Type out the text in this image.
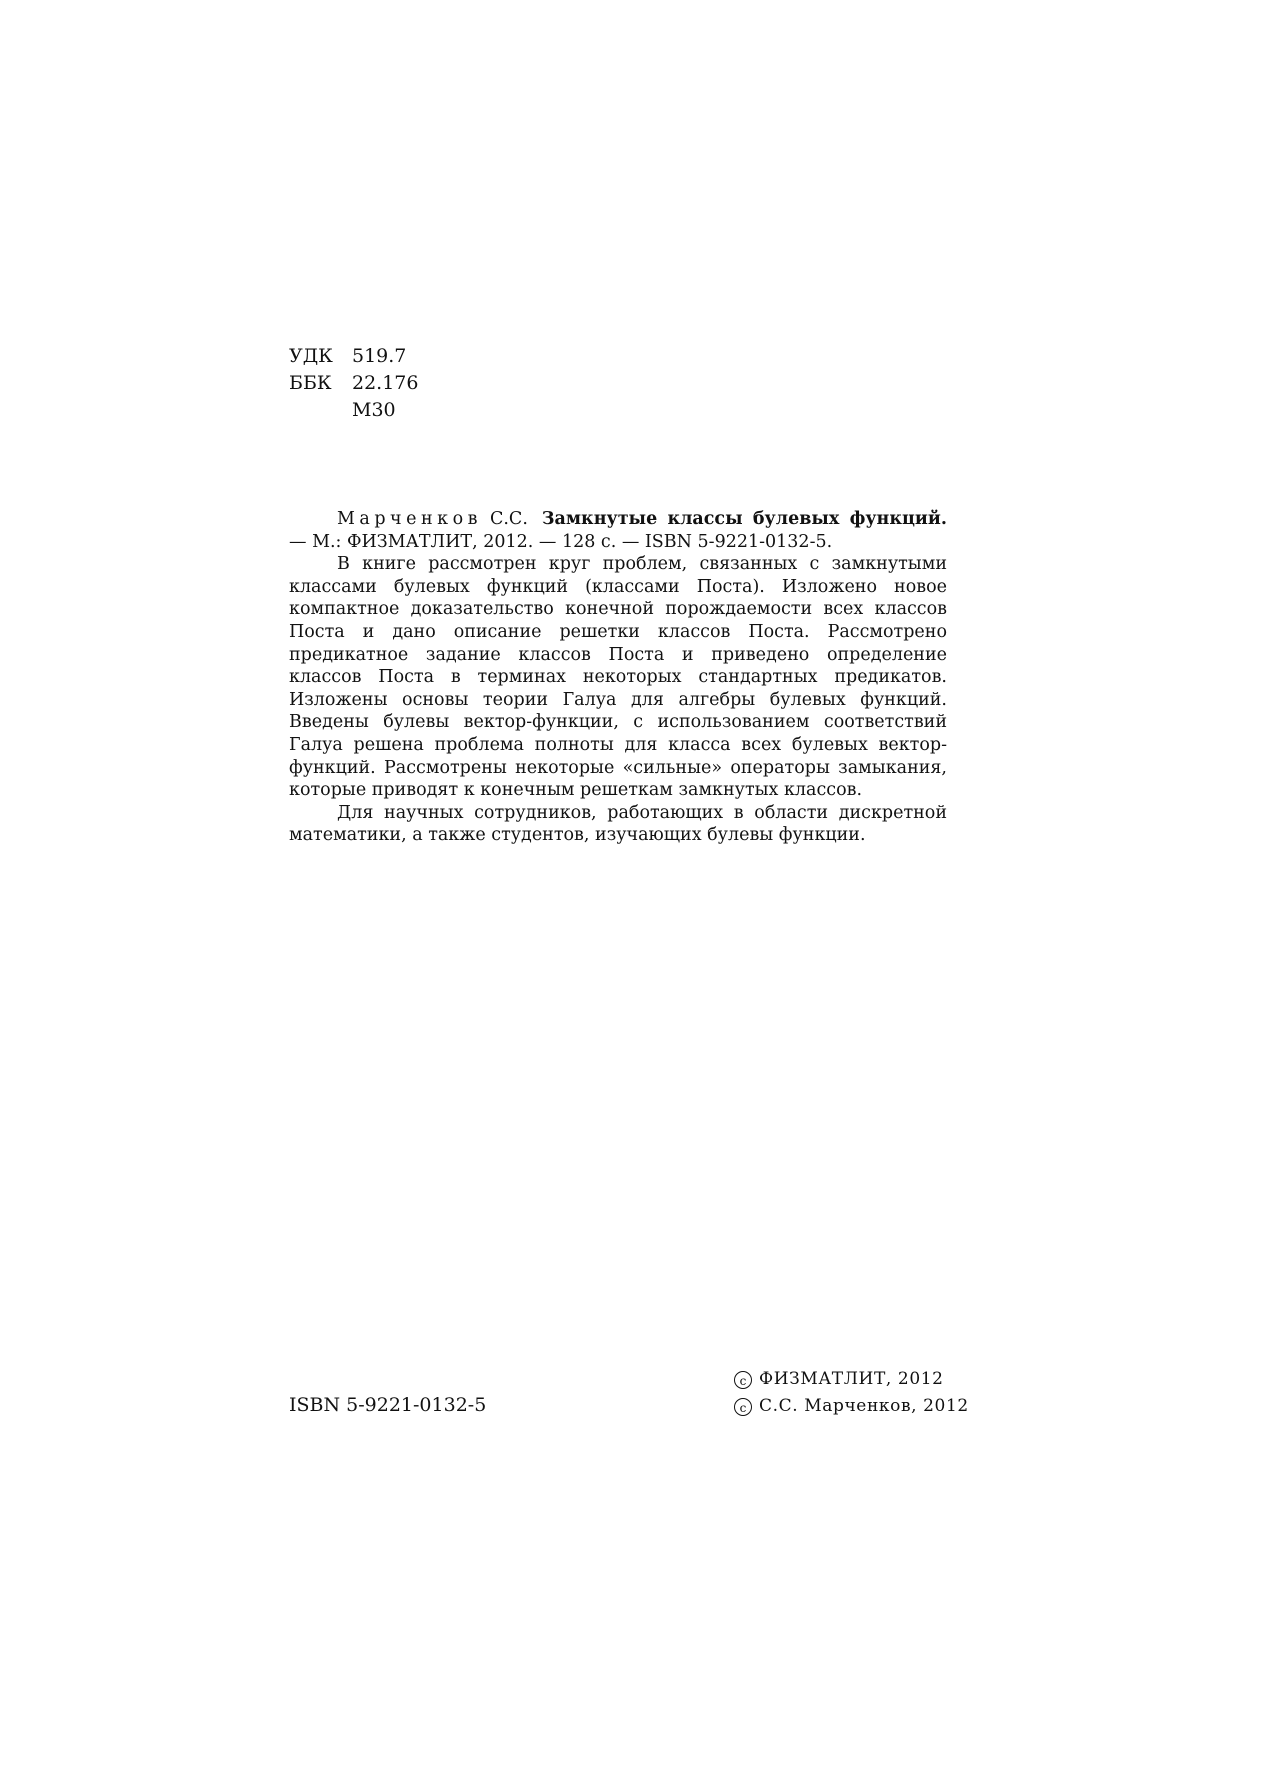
УДК	519.7
ББК	22.176
М30
Марченков С.С. Замкнутые классы булевых функций. — М.: ФИЗМАТЛИТ, 2012. — 128 с. — ISBN 5-9221-0132-5.

В книге рассмотрен круг проблем, связанных с замкнутыми классами булевых функций (классами Поста). Изложено новое компактное доказательство конечной порождаемости всех классов Поста и дано описание решетки классов Поста. Рассмотрено предикатное задание классов Поста и приведено определение классов Поста в терминах некоторых стандартных предикатов. Изложены основы теории Галуа для алгебры булевых функций. Введены булевы вектор-функции, с использованием соответствий Галуа решена проблема полноты для класса всех булевых вектор-функций. Рассмотрены некоторые «сильные» операторы замыкания, которые приводят к конечным решеткам замкнутых классов.

Для научных сотрудников, работающих в области дискретной математики, а также студентов, изучающих булевы функции.

ISBN 5-9221-0132-5
c ФИЗМАТЛИТ, 2012
c С.С. Марченков, 2012
